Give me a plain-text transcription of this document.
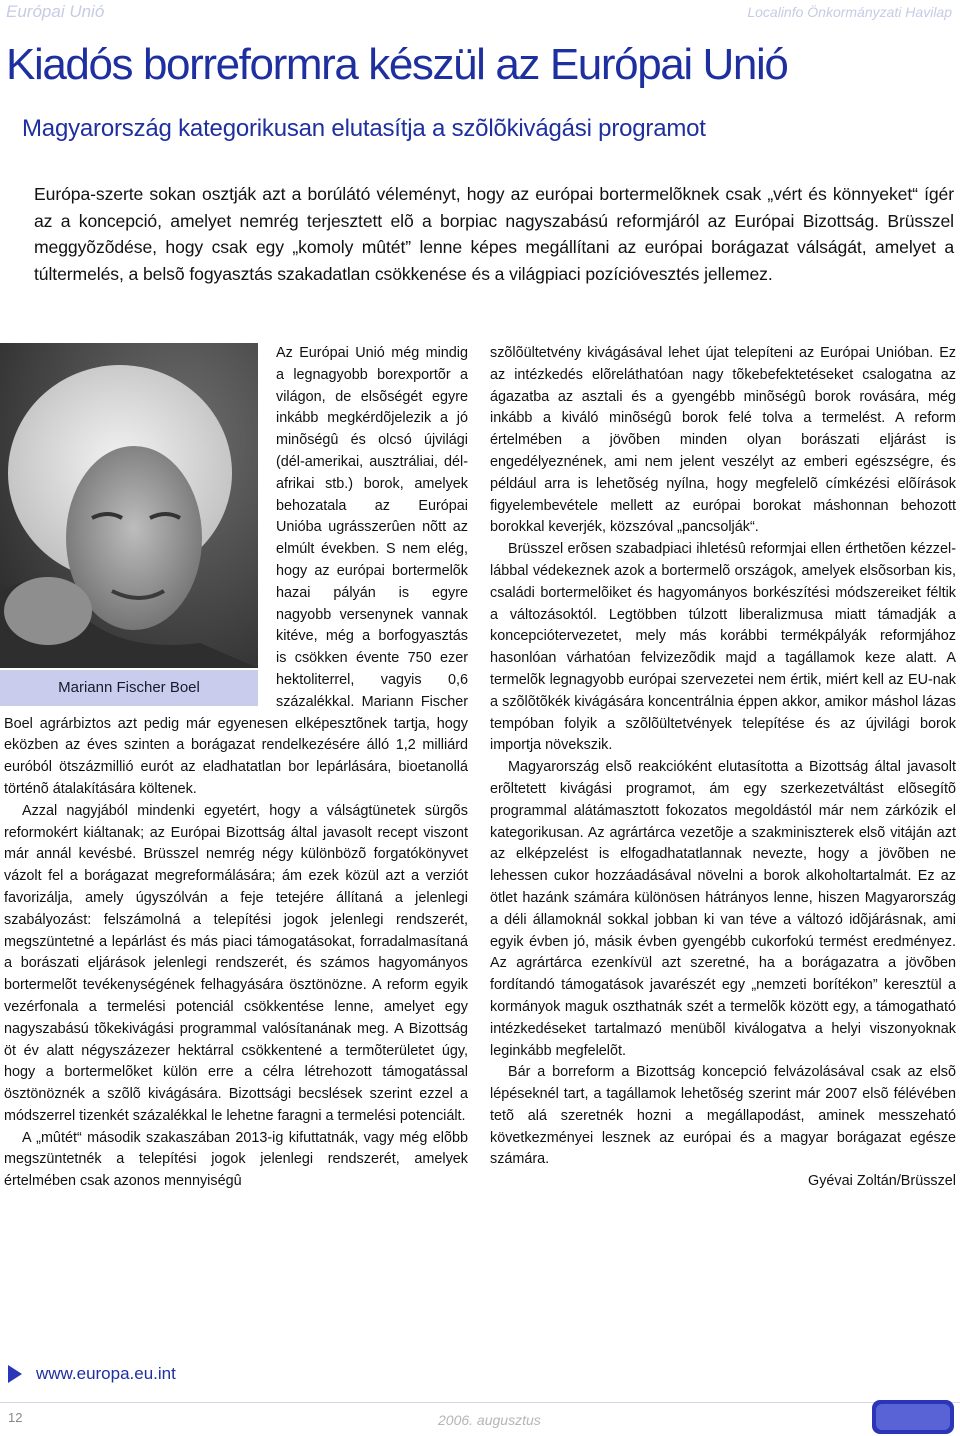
Európai Unió	Localinfo Önkormányzati Havilap
Kiadós borreformra készül az Európai Unió
Magyarország kategorikusan elutasítja a szõlõkivágási programot

Európa-szerte sokan osztják azt a borúlátó véleményt, hogy az európai bortermelõknek csak „vért és könnyeket“ ígér az a koncepció, amelyet nemrég terjesztett elõ a borpiac nagyszabású reformjáról az Európai Bizottság. Brüsszel meggyõzõdése, hogy csak egy „komoly mûtét” lenne képes megállítani az európai borágazat válságát, amelyet a túltermelés, a belsõ fogyasztás szakadatlan csökkenése és a világpiaci pozícióvesztés jellemez.

Mariann Fischer Boel

Az Európai Unió még mindig a legnagyobb borexportõr a világon, de elsõségét egyre inkább megkérdõjelezik a jó minõségû és olcsó újvilági (dél-amerikai, ausztráliai, dél-afrikai stb.) borok, amelyek behozatala az Európai Unióba ugrásszerûen nõtt az elmúlt években. S nem elég, hogy az európai bortermelõk hazai pályán is egyre nagyobb versenynek vannak kitéve, még a borfogyasztás is csökken évente 750 ezer hektoliterrel, vagyis 0,6 százalékkal. Mariann Fischer Boel agrárbiztos azt pedig már egyenesen elképesztõnek tartja, hogy eközben az éves szinten a borágazat rendelkezésére álló 1,2 milliárd euróból ötszázmillió eurót az eladhatatlan bor lepárlására, bioetanollá történõ átalakítására költenek.

Azzal nagyjából mindenki egyetért, hogy a válságtünetek sürgõs reformokért kiáltanak; az Európai Bizottság által javasolt recept viszont már annál kevésbé. Brüsszel nemrég négy különbözõ forgatókönyvet vázolt fel a borágazat megreformálására; ám ezek közül azt a verziót favorizálja, amely úgyszólván a feje tetejére állítaná a jelenlegi szabályozást: felszámolná a telepítési jogok jelenlegi rendszerét, megszüntetné a lepárlást és más piaci támogatásokat, forradalmasítaná a borászati eljárások jelenlegi rendszerét, és számos hagyományos bortermelõt tevékenységének felhagyására ösztönözne. A reform egyik vezérfonala a termelési potenciál csökkentése lenne, amelyet egy nagyszabású tõkekivágási programmal valósítanának meg. A Bizottság öt év alatt négyszázezer hektárral csökkentené a termõterületet úgy, hogy a bortermelõket külön erre a célra létrehozott támogatással ösztönöznék a szõlõ kivágására. Bizottsági becslések szerint ezzel a módszerrel tizenkét százalékkal le lehetne faragni a termelési potenciált.

A „mûtét“ második szakaszában 2013-ig kifuttatnák, vagy még elõbb megszüntetnék a telepítési jogok jelenlegi rendszerét, amelyek értelmében csak azonos mennyiségû

szõlõültetvény kivágásával lehet újat telepíteni az Európai Unióban. Ez az intézkedés elõreláthatóan nagy tõkebefektetéseket csalogatna az ágazatba az asztali és a gyengébb minõségû borok rovására, még inkább a kiváló minõségû borok felé tolva a termelést. A reform értelmében a jövõben minden olyan borászati eljárást is engedélyeznének, ami nem jelent veszélyt az emberi egészségre, és például arra is lehetõség nyílna, hogy megfelelõ címkézési elõírások figyelembevétele mellett az európai borokat máshonnan behozott borokkal keverjék, közszóval „pancsolják“.

Brüsszel erõsen szabadpiaci ihletésû reformjai ellen érthetõen kézzel-lábbal védekeznek azok a bortermelõ országok, amelyek elsõsorban kis, családi bortermelõiket és hagyományos borkészítési módszereiket féltik a változásoktól. Legtöbben túlzott liberalizmusa miatt támadják a koncepciótervezetet, mely más korábbi termékpályák reformjához hasonlóan várhatóan felvizezõdik majd a tagállamok keze alatt. A termelõk legnagyobb európai szervezetei nem értik, miért kell az EU-nak a szõlõtõkék kivágására koncentrálnia éppen akkor, amikor máshol lázas tempóban folyik a szõlõültetvények telepítése és az újvilági borok importja növekszik.

Magyarország elsõ reakcióként elutasította a Bizottság által javasolt erõltetett kivágási programot, ám egy szerkezetváltást elõsegítõ programmal alátámasztott fokozatos megoldástól már nem zárkózik el kategorikusan. Az agrártárca vezetõje a szakminiszterek elsõ vitáján azt az elképzelést is elfogadhatatlannak nevezte, hogy a jövõben ne lehessen cukor hozzáadásával növelni a borok alkoholtartalmát. Ez az ötlet hazánk számára különösen hátrányos lenne, hiszen Magyarország a déli államoknál sokkal jobban ki van téve a változó idõjárásnak, ami egyik évben jó, másik évben gyengébb cukorfokú termést eredményez. Az agrártárca ezenkívül azt szeretné, ha a borágazatra a jövõben fordítandó támogatások javarészét egy „nemzeti borítékon” keresztül a kormányok maguk oszthatnák szét a termelõk között egy, a támogatható intézkedéseket tartalmazó menübõl kiválogatva a helyi viszonyoknak leginkább megfelelõt.

Bár a borreform a Bizottság koncepció felvázolásával csak az elsõ lépéseknél tart, a tagállamok lehetõség szerint már 2007 elsõ félévében tetõ alá szeretnék hozni a megállapodást, aminek messzeható következményei lesznek az európai és a magyar borágazat egésze számára.

Gyévai Zoltán/Brüsszel

www.europa.eu.int
12	2006. augusztus
